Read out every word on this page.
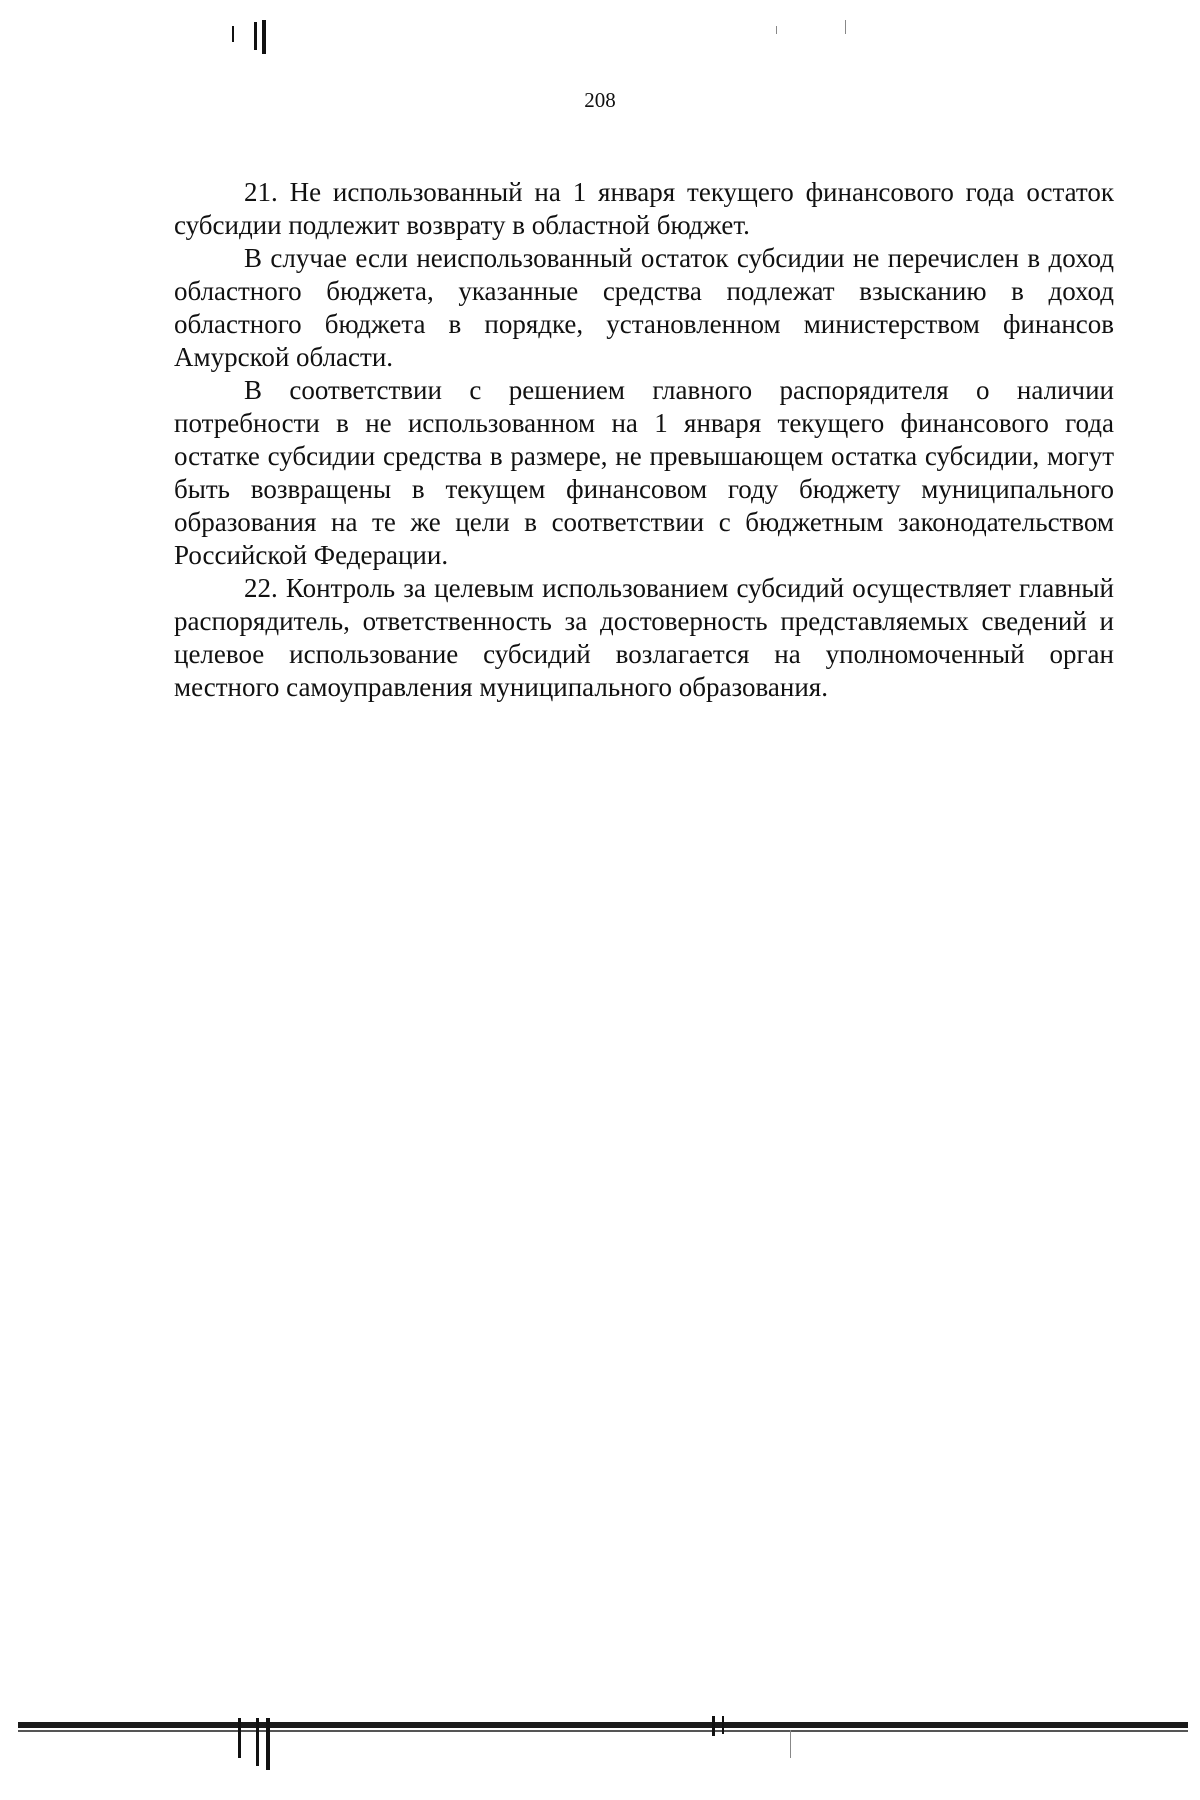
208

21. Не использованный на 1 января текущего финансового года остаток субсидии подлежит возврату в областной бюджет.

В случае если неиспользованный остаток субсидии не перечислен в доход областного бюджета, указанные средства подлежат взысканию в доход областного бюджета в порядке, установленном министерством финансов Амурской области.

В соответствии с решением главного распорядителя о наличии потребности в не использованном на 1 января текущего финансового года остатке субсидии средства в размере, не превышающем остатка субсидии, могут быть возвращены в текущем финансовом году бюджету муниципального образования на те же цели в соответствии с бюджетным законодательством Российской Федерации.

22. Контроль за целевым использованием субсидий осуществляет главный распорядитель, ответственность за достоверность представляемых сведений и целевое использование субсидий возлагается на уполномоченный орган местного самоуправления муниципального образования.
